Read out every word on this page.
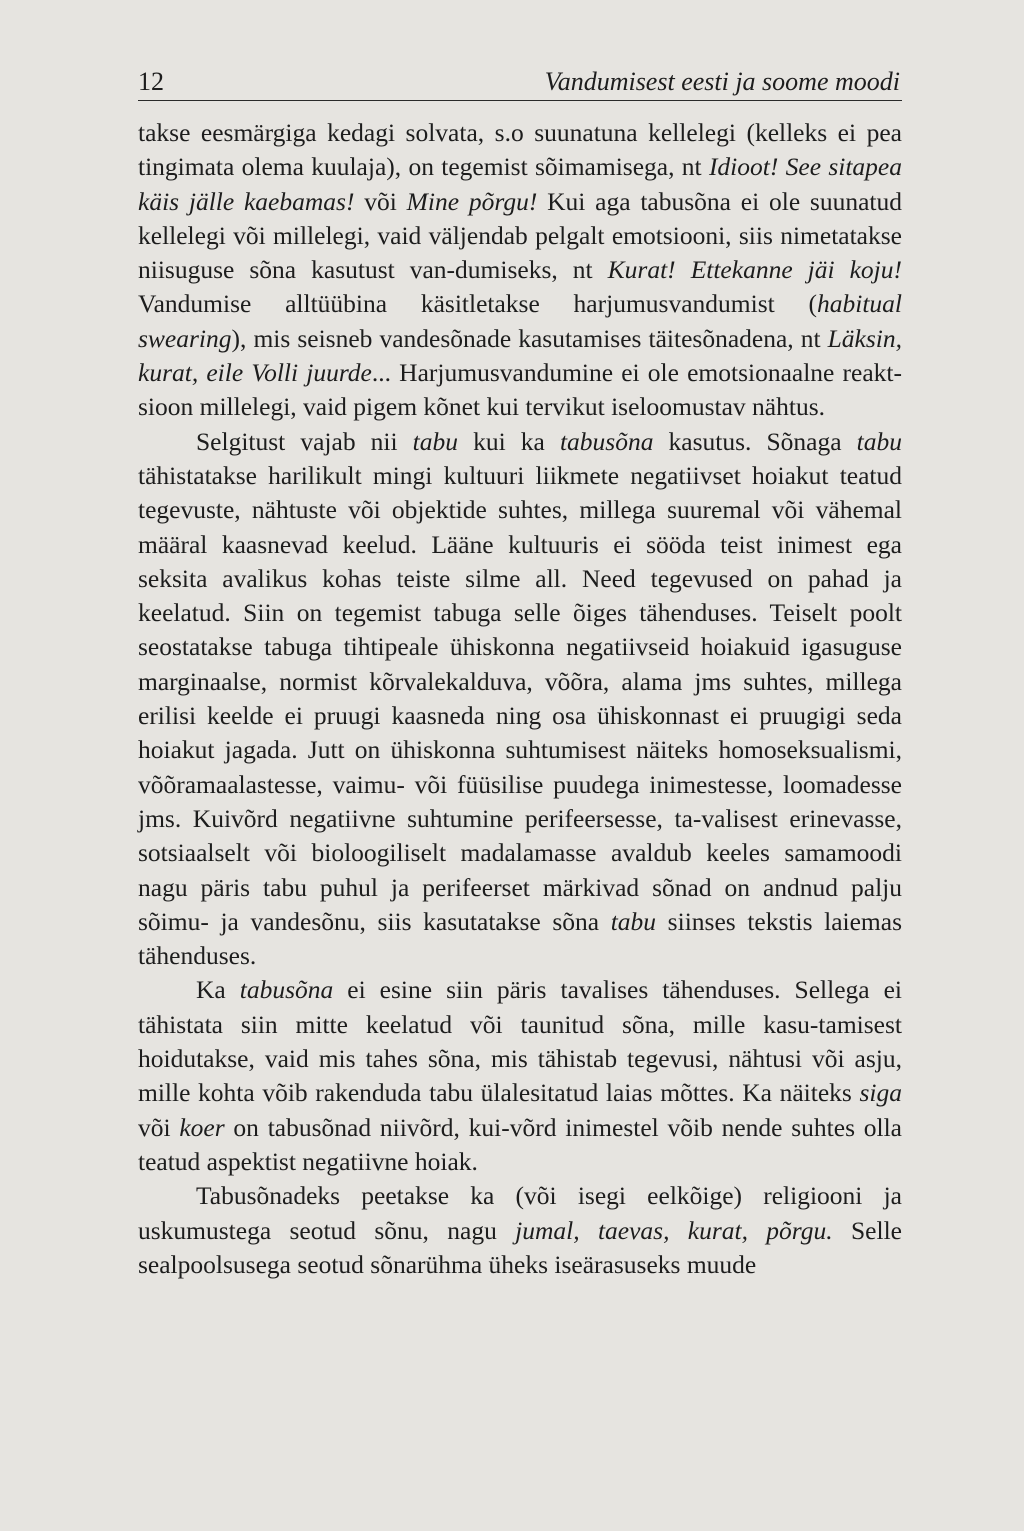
12	Vandumisest eesti ja soome moodi

takse eesmärgiga kedagi solvata, s.o suunatuna kellelegi (kelleks ei pea tingimata olema kuulaja), on tegemist sõimamisega, nt Idioot! See sitapea käis jälle kaebamas! või Mine põrgu! Kui aga tabusõna ei ole suunatud kellelegi või millelegi, vaid väljendab pelgalt emotsiooni, siis nimetatakse niisuguse sõna kasutust van-dumiseks, nt Kurat! Ettekanne jäi koju! Vandumise alltüübina käsitletakse harjumusvandumist (habitual swearing), mis seisneb vandesõnade kasutamises täitesõnadena, nt Läksin, kurat, eile Volli juurde... Harjumusvandumine ei ole emotsionaalne reakt-sioon millelegi, vaid pigem kõnet kui tervikut iseloomustav nähtus.

Selgitust vajab nii tabu kui ka tabusõna kasutus. Sõnaga tabu tähistatakse harilikult mingi kultuuri liikmete negatiivset hoiakut teatud tegevuste, nähtuste või objektide suhtes, millega suuremal või vähemal määral kaasnevad keelud. Lääne kultuuris ei sööda teist inimest ega seksita avalikus kohas teiste silme all. Need tegevused on pahad ja keelatud. Siin on tegemist tabuga selle õiges tähenduses. Teiselt poolt seostatakse tabuga tihtipeale ühiskonna negatiivseid hoiakuid igasuguse marginaalse, normist kõrvalekalduva, võõra, alama jms suhtes, millega erilisi keelde ei pruugi kaasneda ning osa ühiskonnast ei pruugigi seda hoiakut jagada. Jutt on ühiskonna suhtumisest näiteks homoseksualismi, võõramaalastesse, vaimu- või füüsilise puudega inimestesse, loomadesse jms. Kuivõrd negatiivne suhtumine perifeersesse, ta-valisest erinevasse, sotsiaalselt või bioloogiliselt madalamasse avaldub keeles samamoodi nagu päris tabu puhul ja perifeerset märkivad sõnad on andnud palju sõimu- ja vandesõnu, siis kasutatakse sõna tabu siinses tekstis laiemas tähenduses.

Ka tabusõna ei esine siin päris tavalises tähenduses. Sellega ei tähistata siin mitte keelatud või taunitud sõna, mille kasu-tamisest hoidutakse, vaid mis tahes sõna, mis tähistab tegevusi, nähtusi või asju, mille kohta võib rakenduda tabu ülalesitatud laias mõttes. Ka näiteks siga või koer on tabusõnad niivõrd, kui-võrd inimestel võib nende suhtes olla teatud aspektist negatiivne hoiak.

Tabusõnadeks peetakse ka (või isegi eelkõige) religiooni ja uskumustega seotud sõnu, nagu jumal, taevas, kurat, põrgu. Selle sealpoolsusega seotud sõnarühma üheks iseärasuseks muude
